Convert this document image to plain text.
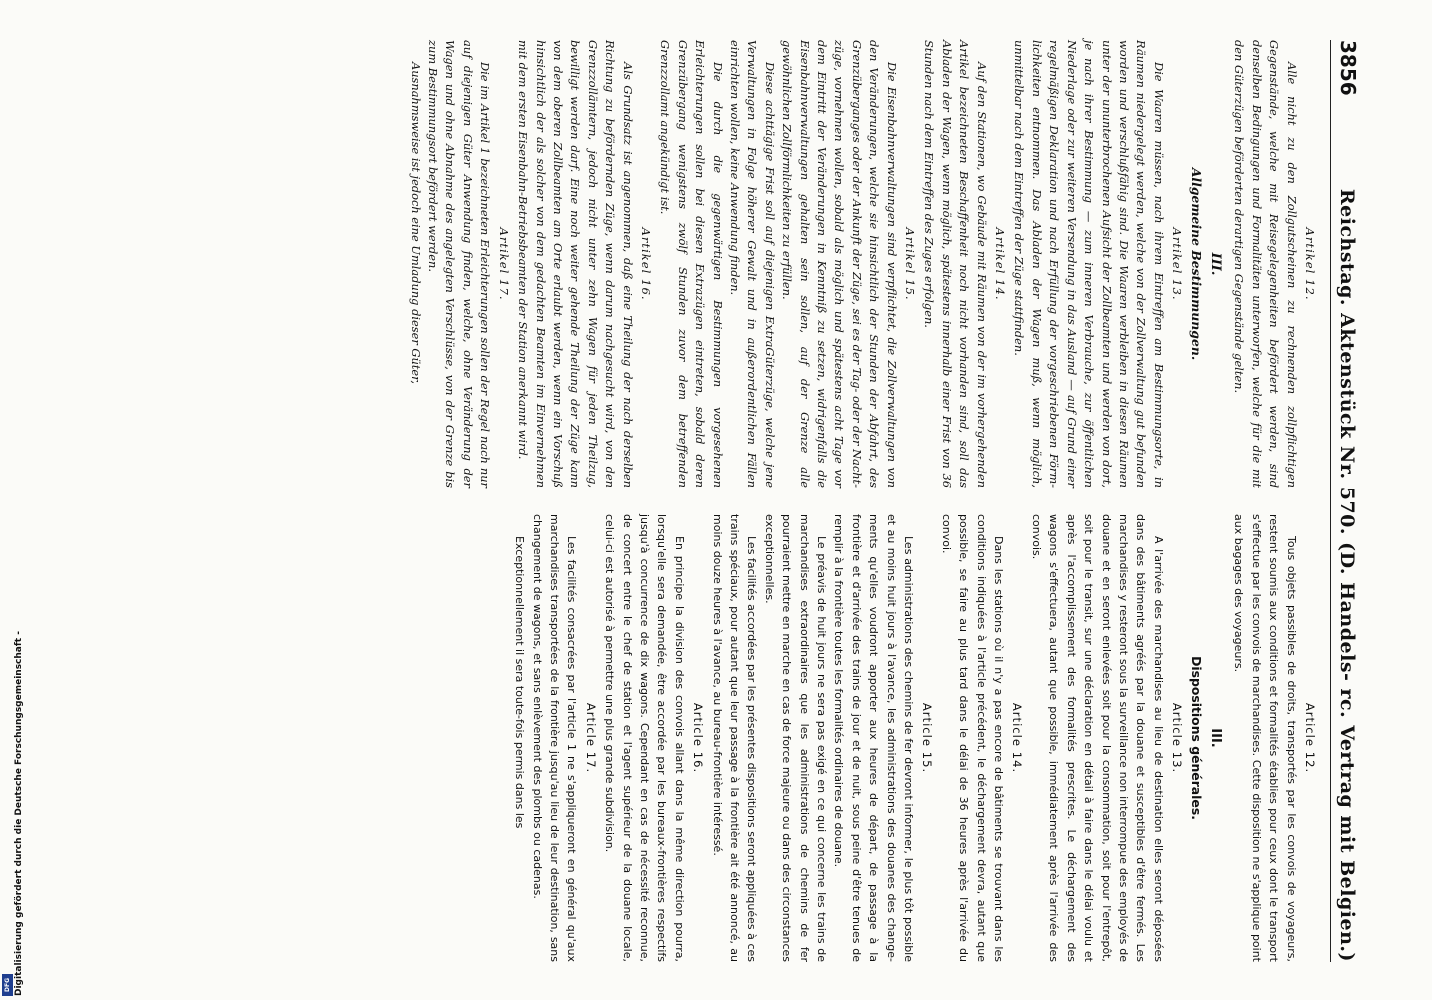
3856
Reichstag. Aktenstück Nr. 570. (D. Handels- rc. Vertrag mit Belgien.)
Artikel 12.

Alle nicht zu den Zollgutscheinen zu rechnenden zollpflichtigen Gegenstände, welche mit Reisegelegenheiten befördert werden, sind denselben Bedingungen und Formalitäten unterworfen, welche für die mit den Güterzügen beförderten derartigen Gegenstände gelten.

III.
Allgemeine Bestimmungen.
Artikel 13.

Die Waaren müssen, nach ihrem Eintreffen am Bestimmungsorte, in Räumen niedergelegt werden, welche von der Zollverwaltung gut befunden worden und verschlußfähig sind. Die Waaren verbleiben in diesen Räumen unter der ununterbrochenen Aufsicht der Zollbeamten und werden von dort, je nach ihrer Bestimmung — zum inneren Verbrauche, zur öffentlichen Niederlage oder zur weiteren Versendung in das Ausland — auf Grund einer regelmäßigen Deklaration und nach Erfüllung der vorgeschriebenen Förmlichkeiten entnommen. Das Abladen der Wagen muß, wenn möglich, unmittelbar nach dem Eintreffen der Züge stattfinden.

Artikel 14.

Auf den Stationen, wo Gebäude mit Räumen von der im vorhergehenden Artikel bezeichneten Beschaffenheit noch nicht vorhanden sind, soll das Abladen der Wagen, wenn möglich, spätestens innerhalb einer Frist von 36 Stunden nach dem Eintreffen des Zuges erfolgen.

Artikel 15.

Die Eisenbahnverwaltungen sind verpflichtet, die Zollverwaltungen von den Veränderungen, welche sie hinsichtlich der Stunden der Abfahrt, des Grenzüberganges oder der Ankunft der Züge, sei es der Tag- oder der Nachtzüge, vornehmen wollen, sobald als möglich und spätestens acht Tage vor dem Eintritt der Veränderungen in Kenntniß zu setzen, widrigenfalls die Eisenbahnverwaltungen gehalten sein sollen, auf der Grenze alle gewöhnlichen Zollförmlichkeiten zu erfüllen.

Diese achttägige Frist soll auf diejenigen ExtraGüterzüge, welche jene Verwaltungen in Folge höherer Gewalt und in außerordentlichen Fällen einrichten wollen, keine Anwendung finden.

Die durch die gegenwärtigen Bestimmungen vorgesehenen Erleichterungen sollen bei diesen Extrazügen eintreten, sobald deren Grenzübergang wenigstens zwölf Stunden zuvor dem betreffenden Grenzzollamt angekündigt ist.

Artikel 16.

Als Grundsatz ist angenommen, daß eine Theilung der nach derselben Richtung zu befördernden Züge, wenn darum nachgesucht wird, von den Grenzzollämtern, jedoch nicht unter zehn Wagen für jeden Theilzug, bewilligt werden darf. Eine noch weiter gehende Theilung der Züge kann von dem oberen Zollbeamten am Orte erlaubt werden, wenn ein Vorschuß hinsichtlich der als solcher von dem gedachten Beamten im Einvernehmen mit dem ersten Eisenbahn-Betriebsbeamten der Station anerkannt wird.

Artikel 17.

Die im Artikel 1 bezeichneten Erleichterungen sollen der Regel nach nur auf diejenigen Güter Anwendung finden, welche, ohne Veränderung der Wagen und ohne Abnahme des angelegten Verschlüsse, von der Grenze bis zum Bestimmungsort befördert werden.

Ausnahmsweise ist jedoch eine Umladung dieser Güter,

Article 12.

Tous objets passibles de droits, transportés par les convois de voyageurs, restent soumis aux conditions et formalités établies pour ceux dont le transport s'effectue par les convois de marchandises. Cette disposition ne s'applique point aux bagages des voyageurs.

III.
Dispositions générales.
Article 13.

A l'arrivée des marchandises au lieu de destination elles seront déposées dans des bâtiments agréés par la douane et susceptibles d'être fermés. Les marchandises y resteront sous la surveillance non interrompue des employés de douane et en seront enlevées soit pour la consommation, soit pour l'entrepôt, soit pour le transit, sur une déclaration en détail à faire dans le délai voulu et après l'accomplissement des formalités prescrites. Le déchargement des wagons s'effectuera, autant que possible, immédiatement après l'arrivée des convois.

Article 14.

Dans les stations où il n'y a pas encore de bâtiments se trouvant dans les conditions indiquées à l'article précédent, le déchargement devra, autant que possible, se faire au plus tard dans le délai de 36 heures après l'arrivée du convoi.

Article 15.

Les administrations des chemins de fer devront informer, le plus tôt possible et au moins huit jours à l'avance, les administrations des douanes des changements qu'elles voudront apporter aux heures de départ, de passage à la frontière et d'arrivée des trains de jour et de nuit, sous peine d'être tenues de remplir à la frontière toutes les formalités ordinaires de douane.

Le préavis de huit jours ne sera pas exigé en ce qui concerne les trains de marchandises extraordinaires que les administrations de chemins de fer pourraient mettre en marche en cas de force majeure ou dans des circonstances exceptionnelles.

Les facilités accordées par les présentes dispositions seront appliquées à ces trains spéciaux, pour autant que leur passage à la frontière ait été annoncé, au moins douze heures à l'avance, au bureau-frontière intéressé.

Article 16.

En principe la division des convois allant dans la même direction pourra, lorsqu'elle sera demandée, être accordée par les bureaux-frontières respectifs jusqu'à concurrence de dix wagons. Cependant en cas de nécessité reconnue, de concert entre le chef de station et l'agent supérieur de la douane locale, celui-ci est autorisé à permettre une plus grande subdivision.

Article 17.

Les facilités consacrées par l'article 1 ne s'appliqueront en général qu'aux marchandises transportées de la frontière jusqu'au lieu de leur destination, sans changement de wagons, et sans enlèvement des plombs ou cadenas.

Exceptionnellement il sera toute-fois permis dans les

Digitalisierung gefördert durch die Deutsche Forschungsgemeinschaft -
DFG
